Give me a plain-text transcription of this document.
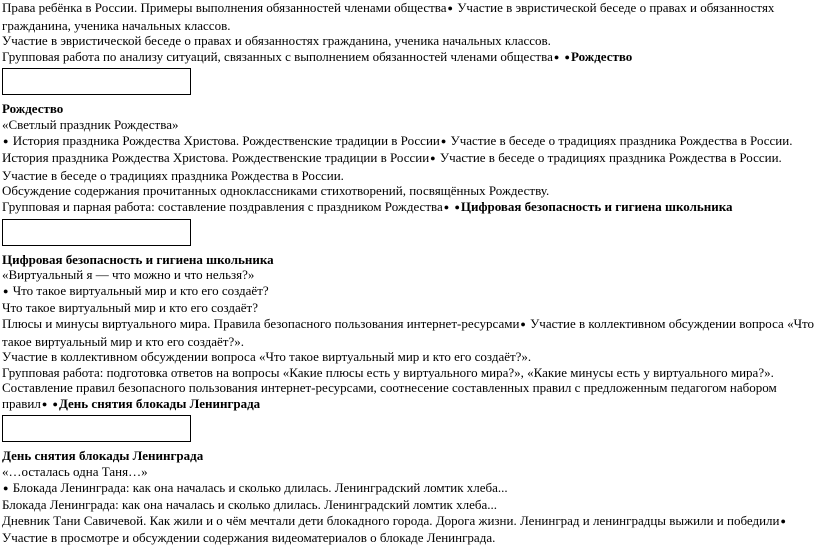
Права ребёнка в России. Примеры выполнения обязанностей членами общества ● Участие в эвристической беседе о правах и обязанностях гражданина, ученика начальных классов.

Участие в эвристической беседе о правах и обязанностях гражданина, ученика начальных классов.

Групповая работа по анализу ситуаций, связанных с выполнением обязанностей членами общества ● ● Рождество

Рождество

«Светлый праздник Рождества»

● История праздника Рождества Христова. Рождественские традиции в России ● Участие в беседе о традициях праздника Рождества в России.

История праздника Рождества Христова. Рождественские традиции в России ● Участие в беседе о традициях праздника Рождества в России.

Участие в беседе о традициях праздника Рождества в России.

Обсуждение содержания прочитанных одноклассниками стихотворений, посвящённых Рождеству.

Групповая и парная работа: составление поздравления с праздником Рождества ● ● Цифровая безопасность и гигиена школьника

Цифровая безопасность и гигиена школьника

«Виртуальный я — что можно и что нельзя?»

● Что такое виртуальный мир и кто его создаёт?

Что такое виртуальный мир и кто его создаёт?

Плюсы и минусы виртуального мира. Правила безопасного пользования интернет-ресурсами ● Участие в коллективном обсуждении вопроса «Что такое виртуальный мир и кто его создаёт?».

Участие в коллективном обсуждении вопроса «Что такое виртуальный мир и кто его создаёт?».

Групповая работа: подготовка ответов на вопросы «Какие плюсы есть у виртуального мира?», «Какие минусы есть у виртуального мира?».

Составление правил безопасного пользования интернет-ресурсами, соотнесение составленных правил с предложенным педагогом набором правил ● ● День снятия блокады Ленинграда

День снятия блокады Ленинграда

«…осталась одна Таня…»

● Блокада Ленинграда: как она началась и сколько длилась. Ленинградский ломтик хлеба...

Блокада Ленинграда: как она началась и сколько длилась. Ленинградский ломтик хлеба...

Дневник Тани Савичевой. Как жили и о чём мечтали дети блокадного города. Дорога жизни. Ленинград и ленинградцы выжили и победили● Участие в просмотре и обсуждении содержания видеоматериалов о блокаде Ленинграда.
